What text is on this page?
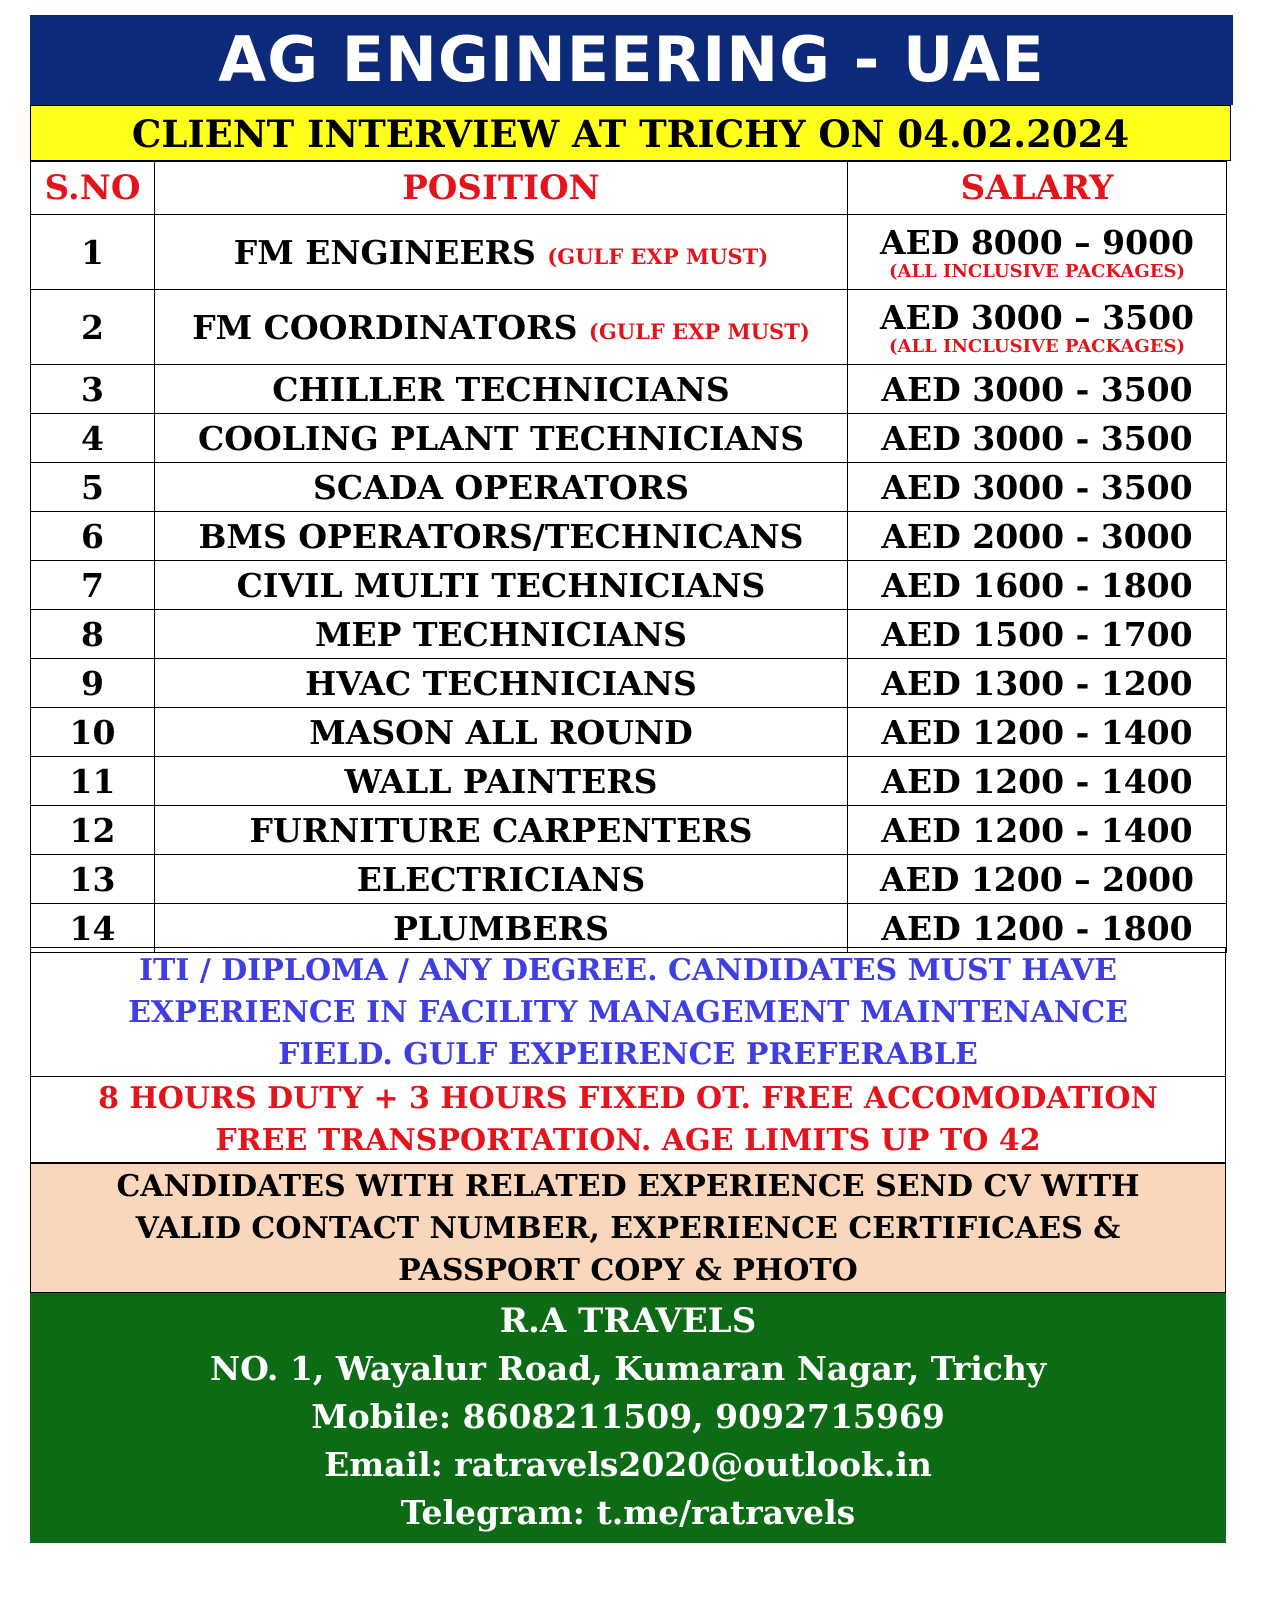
AG ENGINEERING - UAE
CLIENT INTERVIEW AT TRICHY ON 04.02.2024
S.NO	POSITION	SALARY
1	FM ENGINEERS (GULF EXP MUST)	AED 8000 – 9000
(ALL INCLUSIVE PACKAGES)

2	FM COORDINATORS (GULF EXP MUST)	AED 3000 – 3500
(ALL INCLUSIVE PACKAGES)

3	CHILLER TECHNICIANS	AED 3000 - 3500
4	COOLING PLANT TECHNICIANS	AED 3000 - 3500
5	SCADA OPERATORS	AED 3000 - 3500
6	BMS OPERATORS/TECHNICANS	AED 2000 - 3000
7	CIVIL MULTI TECHNICIANS	AED 1600 - 1800
8	MEP TECHNICIANS	AED 1500 - 1700
9	HVAC TECHNICIANS	AED 1300 - 1200
10	MASON ALL ROUND	AED 1200 - 1400
11	WALL PAINTERS	AED 1200 - 1400
12	FURNITURE CARPENTERS	AED 1200 - 1400
13	ELECTRICIANS	AED 1200 – 2000
14	PLUMBERS	AED 1200 - 1800
ITI / DIPLOMA / ANY DEGREE. CANDIDATES MUST HAVE
EXPERIENCE IN FACILITY MANAGEMENT MAINTENANCE
FIELD. GULF EXPEIRENCE PREFERABLE
8 HOURS DUTY + 3 HOURS FIXED OT. FREE ACCOMODATION
FREE TRANSPORTATION. AGE LIMITS UP TO 42
CANDIDATES WITH RELATED EXPERIENCE SEND CV WITH
VALID CONTACT NUMBER, EXPERIENCE CERTIFICAES &
PASSPORT COPY & PHOTO
R.A TRAVELS
NO. 1, Wayalur Road, Kumaran Nagar, Trichy
Mobile: 8608211509, 9092715969
Email: ratravels2020@outlook.in
Telegram: t.me/ratravels
